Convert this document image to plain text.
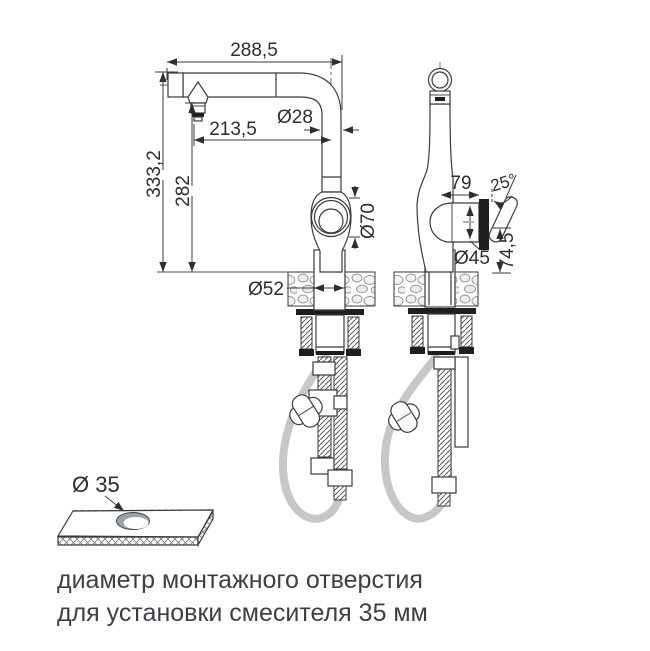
288,5
333,2 282
213,5
Ø28
Ø70
Ø52
79 25°
Ø45 74,5
Ø 35
диаметр монтажного отверстия
для установки смесителя 35 мм
